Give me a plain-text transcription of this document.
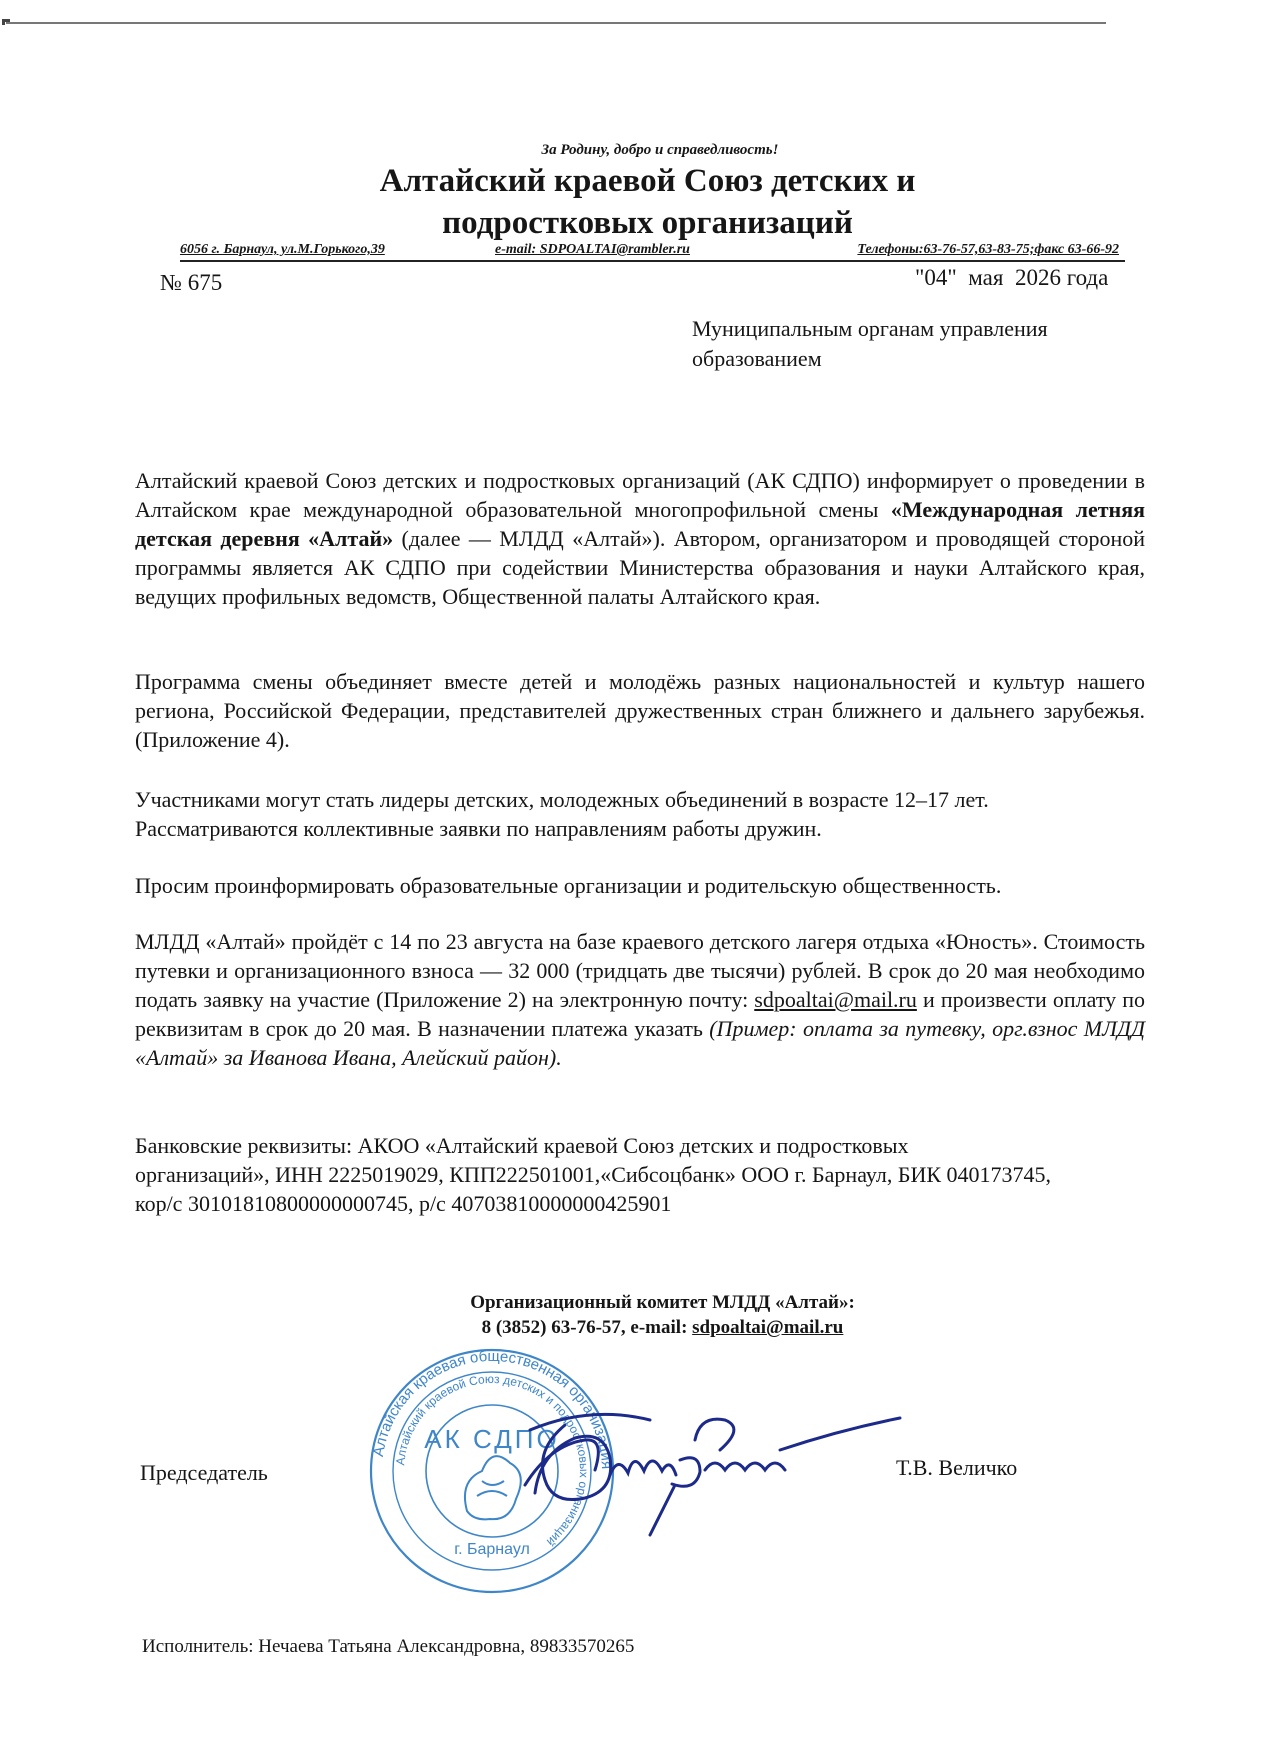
За Родину, добро и справедливость!
Алтайский краевой Союз детских и
подростковых организаций
6056 г. Барнаул, ул.М.Горького,39	e-mail: SDPOALTAI@rambler.ru	Телефоны:63-76-57,63-83-75;факс 63-66-92
№ 675	"04"  мая  2026 года
Муниципальным органам управления
образованием

Алтайский краевой Союз детских и подростковых организаций (АК СДПО) информирует о проведении в Алтайском крае международной образовательной многопрофильной смены «Международная летняя детская деревня «Алтай» (далее — МЛДД «Алтай»). Автором, организатором и проводящей стороной программы является АК СДПО при содействии Министерства образования и науки Алтайского края, ведущих профильных ведомств, Общественной палаты Алтайского края.

Программа смены объединяет вместе детей и молодёжь разных национальностей и культур нашего региона, Российской Федерации, представителей дружественных стран ближнего и дальнего зарубежья. (Приложение 4).

Участниками могут стать лидеры детских, молодежных объединений в возрасте 12–17 лет.
Рассматриваются коллективные заявки по направлениям работы дружин.

Просим проинформировать образовательные организации и родительскую общественность.

МЛДД «Алтай» пройдёт с 14 по 23 августа на базе краевого детского лагеря отдыха «Юность». Стоимость путевки и организационного взноса — 32 000 (тридцать две тысячи) рублей. В срок до 20 мая необходимо подать заявку на участие (Приложение 2) на электронную почту: sdpoaltai@mail.ru и произвести оплату по реквизитам в срок до 20 мая. В назначении платежа указать (Пример: оплата за путевку, орг.взнос МЛДД «Алтай» за Иванова Ивана, Алейский район).

Банковские реквизиты: АКОО «Алтайский краевой Союз детских и подростковых
организаций», ИНН 2225019029, КПП222501001,«Сибсоцбанк» ООО г. Барнаул, БИК 040173745,
кор/с 30101810800000000745, р/с 40703810000000425901
Организационный комитет МЛДД «Алтай»:
8 (3852) 63-76-57, e-mail: sdpoaltai@mail.ru
Алтайская краевая общественная организация
Алтайский краевой Союз детских и подростковых организаций
АК СДПО
г. Барнаул
Председатель	Т.В. Величко
Исполнитель: Нечаева Татьяна Александровна, 89833570265
